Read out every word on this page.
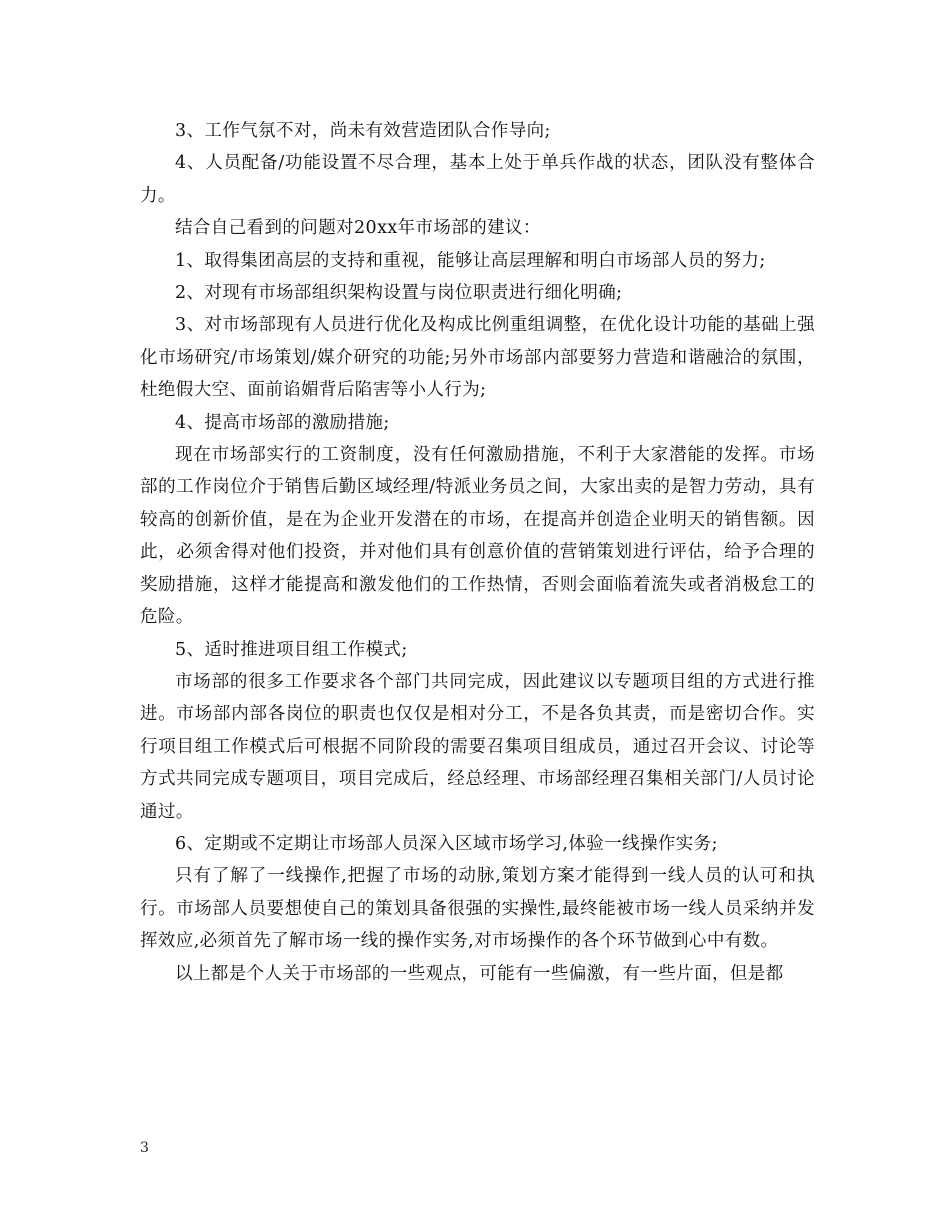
3、工作气氛不对，尚未有效营造团队合作导向;

4、人员配备/功能设置不尽合理，基本上处于单兵作战的状态，团队没有整体合力。

结合自己看到的问题对20xx年市场部的建议：

1、取得集团高层的支持和重视，能够让高层理解和明白市场部人员的努力;

2、对现有市场部组织架构设置与岗位职责进行细化明确;

3、对市场部现有人员进行优化及构成比例重组调整，在优化设计功能的基础上强化市场研究/市场策划/媒介研究的功能;另外市场部内部要努力营造和谐融洽的氛围，杜绝假大空、面前谄媚背后陷害等小人行为;

4、提高市场部的激励措施;

现在市场部实行的工资制度，没有任何激励措施，不利于大家潜能的发挥。市场部的工作岗位介于销售后勤区域经理/特派业务员之间，大家出卖的是智力劳动，具有较高的创新价值，是在为企业开发潜在的市场，在提高并创造企业明天的销售额。因此，必须舍得对他们投资，并对他们具有创意价值的营销策划进行评估，给予合理的奖励措施，这样才能提高和激发他们的工作热情，否则会面临着流失或者消极怠工的危险。

5、适时推进项目组工作模式;

市场部的很多工作要求各个部门共同完成，因此建议以专题项目组的方式进行推进。市场部内部各岗位的职责也仅仅是相对分工，不是各负其责，而是密切合作。实行项目组工作模式后可根据不同阶段的需要召集项目组成员，通过召开会议、讨论等方式共同完成专题项目，项目完成后，经总经理、市场部经理召集相关部门/人员讨论通过。

6、定期或不定期让市场部人员深入区域市场学习,体验一线操作实务;

只有了解了一线操作,把握了市场的动脉,策划方案才能得到一线人员的认可和执行。市场部人员要想使自己的策划具备很强的实操性,最终能被市场一线人员采纳并发挥效应,必须首先了解市场一线的操作实务,对市场操作的各个环节做到心中有数。

以上都是个人关于市场部的一些观点，可能有一些偏激，有一些片面，但是都

3
